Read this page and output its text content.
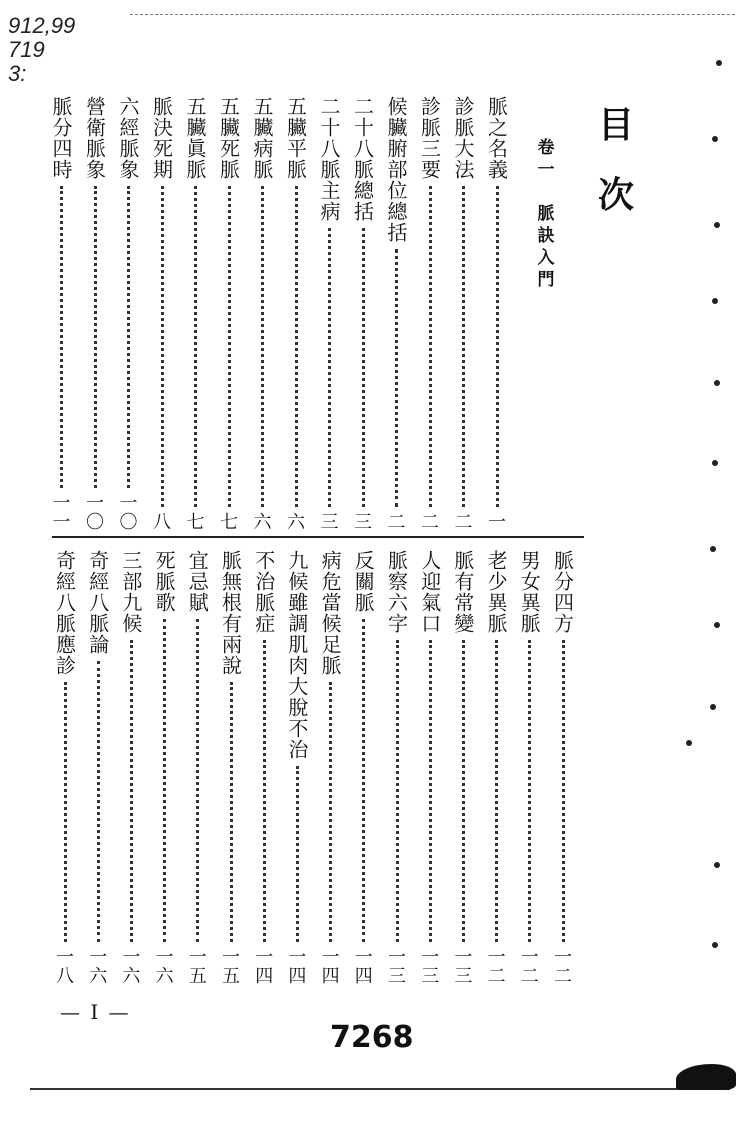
912,99
719
3:
目
次
卷
一
脈
訣
入
門
脈之名義
一
診脈大法
二
診脈三要
二
候臟腑部位總括
二
二十八脈總括
三
二十八脈主病
三
五臟平脈
六
五臟病脈
六
五臟死脈
七
五臟眞脈
七
脈決死期
八
六經脈象
一
〇
營衛脈象
一
〇
脈分四時
一
一
脈分四方
一
二
男女異脈
一
二
老少異脈
一
二
脈有常變
一
三
人迎氣口
一
三
脈察六字
一
三
反關脈
一
四
病危當候足脈
一
四
九候雖調肌肉大脫不治
一
四
不治脈症
一
四
脈無根有兩說
一
五
宜忌賦
一
五
死脈歌
一
六
三部九候
一
六
奇經八脈論
一
六
奇經八脈應診
一
八
— I —
7268
